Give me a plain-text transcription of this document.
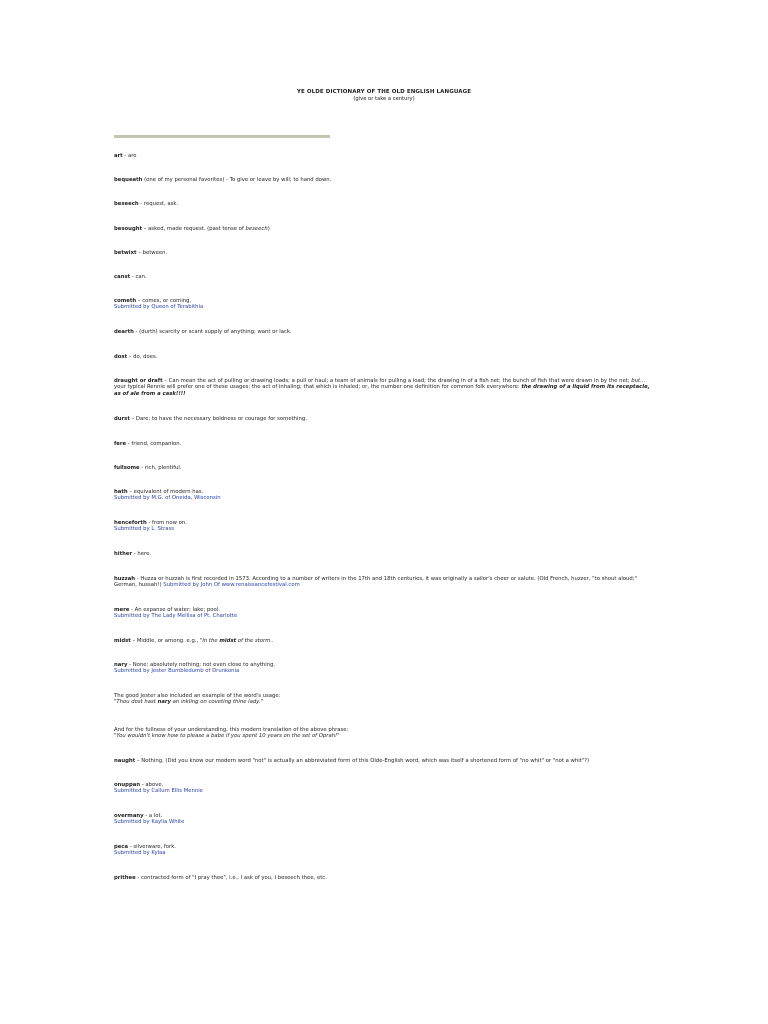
YE OLDE DICTIONARY OF THE OLD ENGLISH LANGUAGE
(give or take a century)
art - are
bequeath (one of my personal favorites) - To give or leave by will; to hand down.
beseech - request, ask.
besought – asked, made request. (past tense of beseech)
betwixt – between.
canst - can.
cometh – comes, or coming.
Submitted by Queen of Terabithia
dearth - (durth) scarcity or scant supply of anything; want or lack.
dost – do, does.
draught or draft – Can mean the act of pulling or drawing loads; a pull or haul; a team of animals for pulling a load; the drawing in of a fish net; the bunch of fish that were drawn in by the net; but... your typical Rennie will prefer one of these usages: the act of inhaling; that which is inhaled; or, the number one definition for common folk everywhere: the drawing of a liquid from its receptacle, as of ale from a cask!!!!
durst – Dare; to have the necessary boldness or courage for something.
fere - friend, companion.
fullsome - rich, plentiful.
hath – equivalent of modern has.
Submitted by M.G. of Oneida, Wisconsin
henceforth - from now on.
Submitted by L. Strass
hither - here.
huzzah - Huzza or huzzah is first recorded in 1573. According to a number of writers in the 17th and 18th centuries, it was originally a sailor's cheer or salute. (Old French, huzzer, "to shout aloud;" German, hussah!) Submitted by John Of www.renaissancefestival.com
mere - An expanse of water; lake; pool.
Submitted by The Lady Mellisa of Pt. Charlotte
midst – Middle, or among. e.g., "In the midst of the storm..
nary - None; absolutely nothing; not even close to anything.
Submitted by Jester Bumbledumb of Drunkonia
The good Jester also included an example of the word's usage:
"Thou dost hast nary an inkling on coveting thine lady."
And for the fullness of your understanding, this modern translation of the above phrase:
"You wouldn't know how to please a babe if you spent 10 years on the set of Oprah!"
naught – Nothing. (Did you know our modern word "not" is actually an abbreviated form of this Olde-English word, which was itself a shortened form of "no whit" or "not a whit"?)
onuppan - above.
Submitted by Callum Ellis Mennie
overmany - a lot.
Submitted by Kaylia White
peca - silverware, fork.
Submitted by Kylaa
prithee - contracted form of "I pray thee", i.e., I ask of you, I beseech thee, etc.
